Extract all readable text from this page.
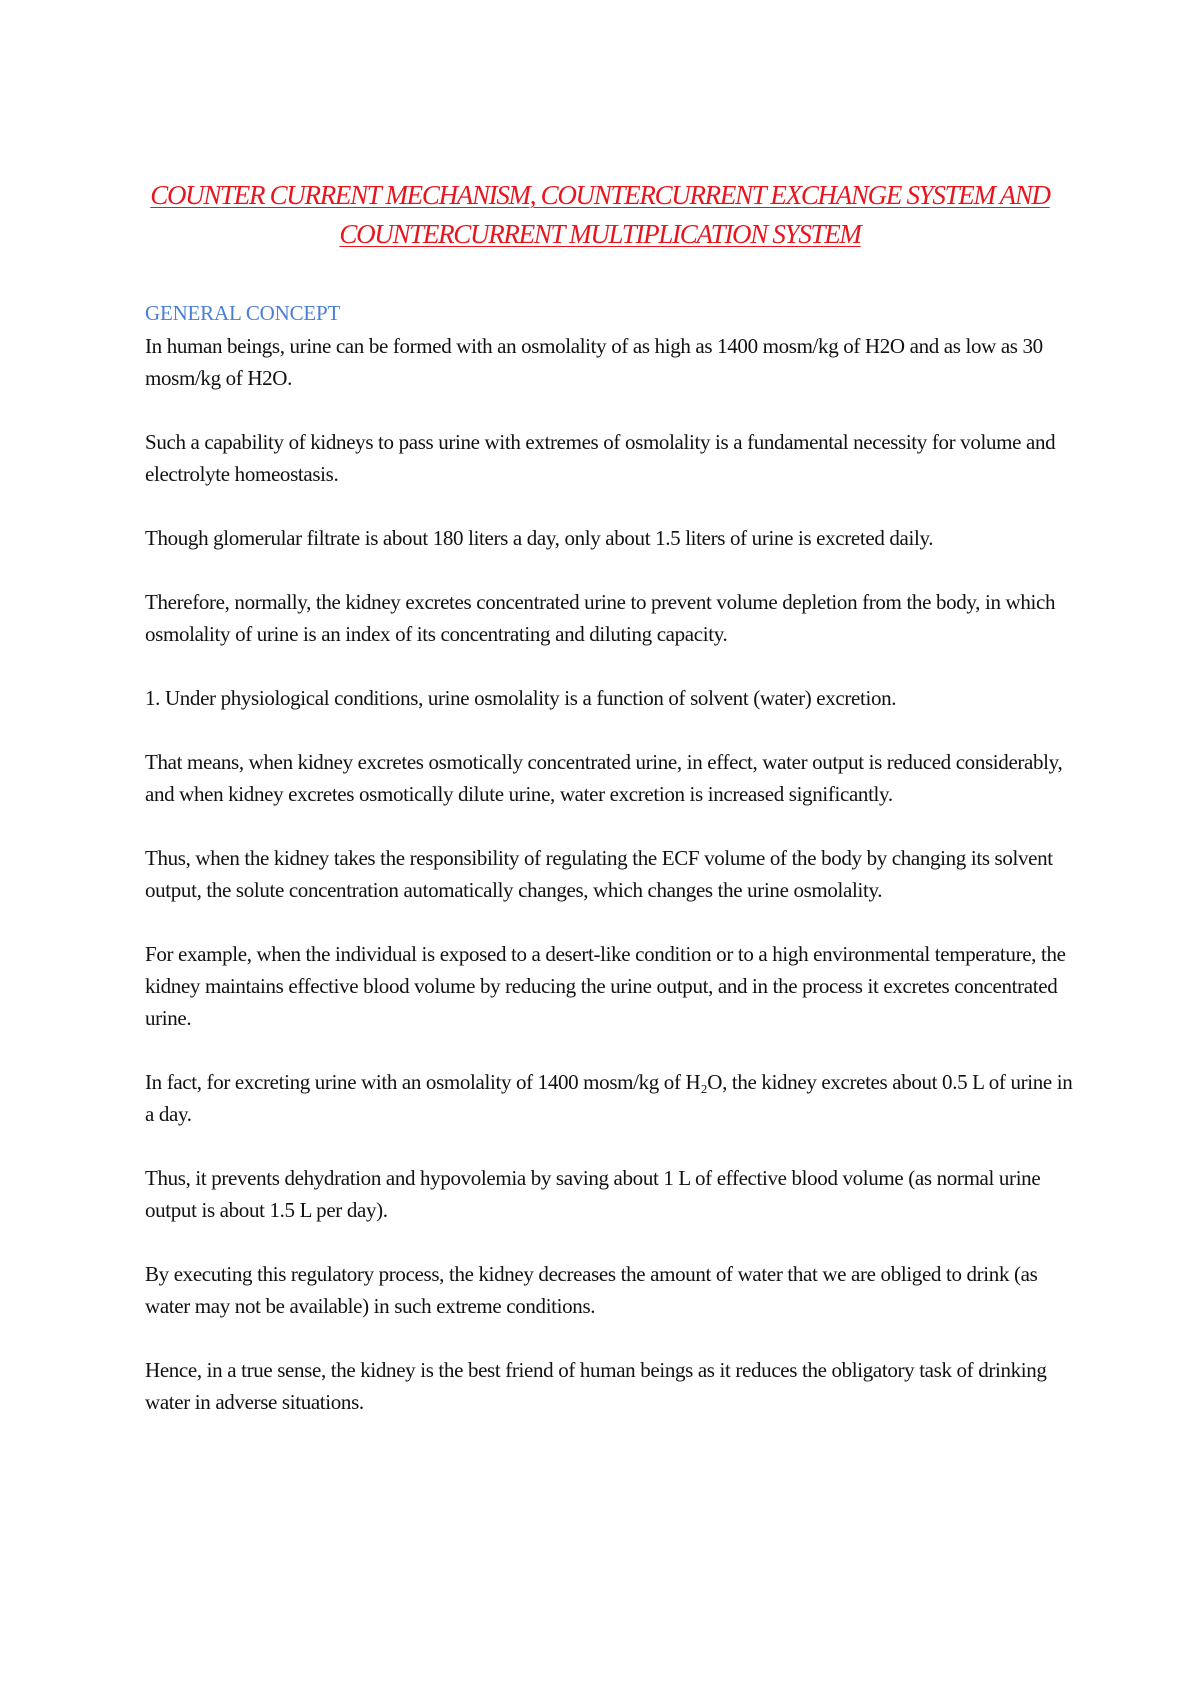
COUNTER CURRENT MECHANISM, COUNTERCURRENT EXCHANGE SYSTEM AND COUNTERCURRENT MULTIPLICATION SYSTEM
GENERAL CONCEPT

In human beings, urine can be formed with an osmolality of as high as 1400 mosm/kg of H2O and as low as 30 mosm/kg of H2O.

Such a capability of kidneys to pass urine with extremes of osmolality is a fundamental necessity for volume and electrolyte homeostasis.

Though glomerular filtrate is about 180 liters a day, only about 1.5 liters of urine is excreted daily.

Therefore, normally, the kidney excretes concentrated urine to prevent volume depletion from the body, in which osmolality of urine is an index of its concentrating and diluting capacity.

1. Under physiological conditions, urine osmolality is a function of solvent (water) excretion.

That means, when kidney excretes osmotically concentrated urine, in effect, water output is reduced considerably, and when kidney excretes osmotically dilute urine, water excretion is increased significantly.

Thus, when the kidney takes the responsibility of regulating the ECF volume of the body by changing its solvent output, the solute concentration automatically changes, which changes the urine osmolality.

For example, when the individual is exposed to a desert-like condition or to a high environmental temperature, the kidney maintains effective blood volume by reducing the urine output, and in the process it excretes concentrated urine.

In fact, for excreting urine with an osmolality of 1400 mosm/kg of H₂O, the kidney excretes about 0.5 L of urine in a day.

Thus, it prevents dehydration and hypovolemia by saving about 1 L of effective blood volume (as normal urine output is about 1.5 L per day).

By executing this regulatory process, the kidney decreases the amount of water that we are obliged to drink (as water may not be available) in such extreme conditions.

Hence, in a true sense, the kidney is the best friend of human beings as it reduces the obligatory task of drinking water in adverse situations.
